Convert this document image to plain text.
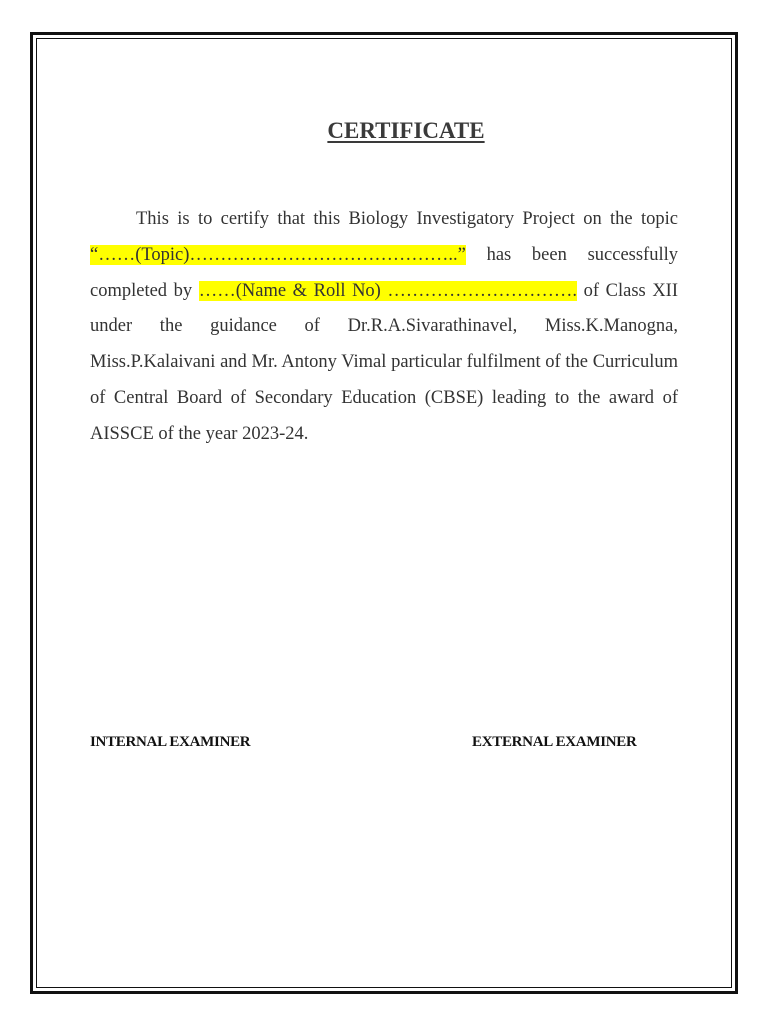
CERTIFICATE

This is to certify that this Biology Investigatory Project on the topic “……(Topic)……………………………………..” has been successfully completed by ……(Name & Roll No) …………………………. of Class XII under the guidance of Dr.R.A.Sivarathinavel, Miss.K.Manogna, Miss.P.Kalaivani and Mr. Antony Vimal particular fulfilment of the Curriculum of Central Board of Secondary Education (CBSE) leading to the award of AISSCE of the year 2023-24.

INTERNAL EXAMINER	EXTERNAL EXAMINER
